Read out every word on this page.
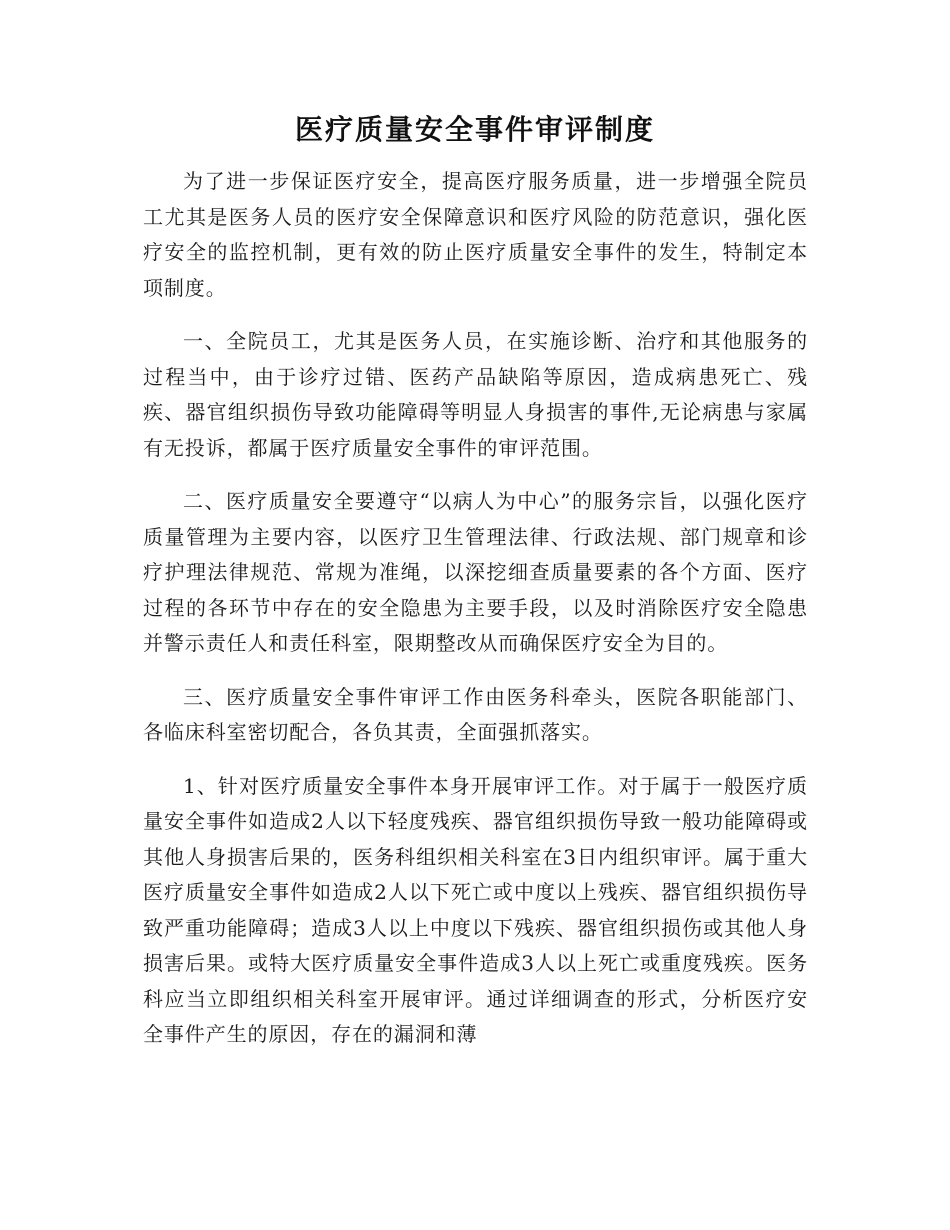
医疗质量安全事件审评制度

为了进一步保证医疗安全，提高医疗服务质量，进一步增强全院员工尤其是医务人员的医疗安全保障意识和医疗风险的防范意识，强化医疗安全的监控机制，更有效的防止医疗质量安全事件的发生，特制定本项制度。

一、全院员工，尤其是医务人员，在实施诊断、治疗和其他服务的过程当中，由于诊疗过错、医药产品缺陷等原因，造成病患死亡、残疾、器官组织损伤导致功能障碍等明显人身损害的事件,无论病患与家属有无投诉，都属于医疗质量安全事件的审评范围。

二、医疗质量安全要遵守“以病人为中心”的服务宗旨，以强化医疗质量管理为主要内容，以医疗卫生管理法律、行政法规、部门规章和诊疗护理法律规范、常规为准绳，以深挖细查质量要素的各个方面、医疗过程的各环节中存在的安全隐患为主要手段，以及时消除医疗安全隐患并警示责任人和责任科室，限期整改从而确保医疗安全为目的。

三、医疗质量安全事件审评工作由医务科牵头，医院各职能部门、各临床科室密切配合，各负其责，全面强抓落实。

1、针对医疗质量安全事件本身开展审评工作。对于属于一般医疗质量安全事件如造成2人以下轻度残疾、器官组织损伤导致一般功能障碍或其他人身损害后果的，医务科组织相关科室在3日内组织审评。属于重大医疗质量安全事件如造成2人以下死亡或中度以上残疾、器官组织损伤导致严重功能障碍；造成3人以上中度以下残疾、器官组织损伤或其他人身损害后果。或特大医疗质量安全事件造成3人以上死亡或重度残疾。医务科应当立即组织相关科室开展审评。通过详细调查的形式，分析医疗安全事件产生的原因，存在的漏洞和薄
